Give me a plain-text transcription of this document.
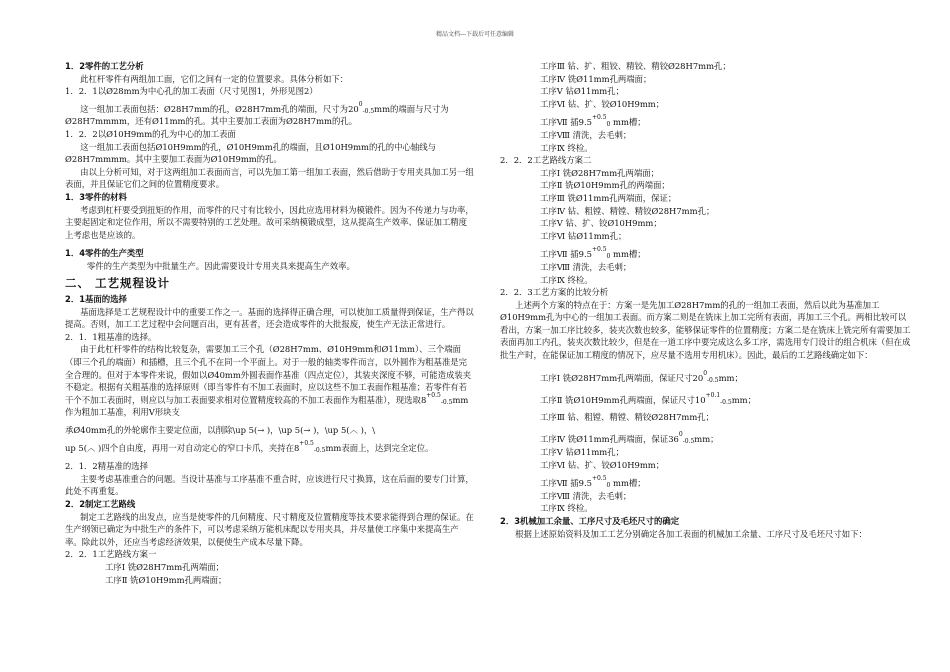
精品文档---下载后可任意编辑

1．2零件的工艺分析

此杠杆零件有两组加工面，它们之间有一定的位置要求。具体分析如下：

1．2．1以Ø28mm为中心孔的加工表面（尺寸见图1，外形见图2）

这一组加工表面包括：Ø28H7mm的孔，Ø28H7mm孔的端面，尺寸为$20^0_{-0.5}mm$的端面与尺寸为

Ø28H7mmmm，还有Ø11mm的孔。其中主要加工表面为Ø28H7mm的孔。

1．2．2以Ø10H9mm的孔为中心的加工表面

这一组加工表面包括Ø10H9mm的孔，Ø10H9mm孔的端面，且Ø10H9mm的孔的中心轴线与Ø28H7mmmm。其中主要加工表面为Ø10H9mm的孔。

由以上分析可知，对于这两组加工表面而言，可以先加工第一组加工表面，然后借助于专用夹具加工另一组表面，并且保证它们之间的位置精度要求。

1．3零件的材料

考虑到杠杆要受到扭矩的作用，而零件的尺寸有比较小，因此应选用材料为模锻件。因为不传递力与功率，主要起固定和定位作用，所以不需要特别的工艺处理。故可采纳模锻成型，这从提高生产效率、保证加工精度上考虑也是应该的。

1．4零件的生产类型

零件的生产类型为中批量生产。因此需要设计专用夹具来提高生产效率。

二、 工艺规程设计

2．1基面的选择

基面选择是工艺规程设计中的重要工作之一。基面的选择得正确合理，可以使加工质量得到保证，生产得以提高。否则，加工工艺过程中会问题百出，更有甚者，还会造成零件的大批报废，使生产无法正常进行。

2．1．1粗基准的选择。

由于此杠杆零件的结构比较复杂，需要加工三个孔（Ø28H7mm、Ø10H9mm和Ø11mm）、三个端面（即三个孔的端面）和插槽，且三个孔不在同一个平面上。对于一般的轴类零件而言，以外圆作为粗基准是完全合理的。但对于本零件来说，假如以Ø40mm外圆表面作基准（四点定位），其装夹深度不够，可能造成装夹不稳定。根据有关粗基准的选择原则（即当零件有不加工表面时，应以这些不加工表面作粗基准；若零件有若干个不加工表面时，则应以与加工表面要求相对位置精度较高的不加工表面作为粗基准），现选取$8^{+0.5}_{-0.5}mm$作为粗加工基准，利用V形块支

承Ø40mm孔的外轮廓作主要定位面，以削除\up 5(→ )，\up 5(→ )，\up 5(︿ )，\

up 5(︿ )四个自由度，再用一对自动定心的窄口卡爪，夹持在$8^{+0.5}_{-0.5}mm$表面上，达到完全定位。

2．1．2精基准的选择

主要考虑基准重合的问题。当设计基准与工序基准不重合时，应该进行尺寸换算，这在后面的要专门计算，此处不再重复。

2．2制定工艺路线

制定工艺路线的出发点，应当是使零件的几何精度、尺寸精度及位置精度等技术要求能得到合理的保证。在生产纲领已确定为中批生产的条件下，可以考虑采纳万能机床配以专用夹具，并尽量使工序集中来提高生产率。除此以外，还应当考虑经济效果，以便使生产成本尽量下降。

2．2．1工艺路线方案一

工序Ⅰ 铣Ø28H7mm孔两端面；

工序Ⅱ 铣Ø10H9mm孔两端面；

工序Ⅲ 钻、扩、粗铰、精铰、精铰Ø28H7mm孔；

工序Ⅳ 铣Ø11mm孔两端面；

工序Ⅴ 钻Ø11mm孔；

工序Ⅵ 钻、扩、铰Ø10H9mm；

工序Ⅶ 插$9.5^{+0.5}_0$ mm槽；

工序Ⅷ 清洗，去毛刺；

工序Ⅸ 终检。

2．2．2工艺路线方案二

工序Ⅰ 铣Ø28H7mm孔两端面；

工序Ⅱ 铣Ø10H9mm孔的两端面；

工序Ⅲ 铣Ø11mm孔两端面，保证；

工序Ⅳ 钻、粗镗、精镗、精铰Ø28H7mm孔；

工序Ⅴ 钻、扩、铰Ø10H9mm；

工序Ⅵ 钻Ø11mm孔；

工序Ⅶ 插$9.5^{+0.5}_0$ mm槽；

工序Ⅷ 清洗，去毛刺；

工序Ⅸ 终检。

2．2．3工艺方案的比较分析

上述两个方案的特点在于：方案一是先加工Ø28H7mm的孔的一组加工表面，然后以此为基准加工Ø10H9mm孔为中心的一组加工表面。而方案二则是在铣床上加工完所有表面，再加工三个孔。两相比较可以看出，方案一加工序比较多，装夹次数也较多，能够保证零件的位置精度；方案二是在铣床上铣完所有需要加工表面再加工内孔，装夹次数比较少，但是在一道工序中要完成这么多工序，需选用专门设计的组合机床（但在成批生产时，在能保证加工精度的情况下，应尽量不选用专用机床）。因此，最后的工艺路线确定如下：

工序Ⅰ 铣Ø28H7mm孔两端面，保证尺寸$20^0_{-0.5}mm$；

工序Ⅱ 铣Ø10H9mm孔两端面，保证尺寸$10^{+0.1}_{-0.5}mm$；

工序Ⅲ 钻、粗镗、精镗、精铰Ø28H7mm孔；

工序Ⅳ 铣Ø11mm孔两端面，保证$36^0_{-0.5}mm$；

工序Ⅴ 钻Ø11mm孔；

工序Ⅵ 钻、扩、铰Ø10H9mm；

工序Ⅶ 插$9.5^{+0.5}_0$ mm槽；

工序Ⅷ 清洗，去毛刺；

工序Ⅸ 终检。

2．3机械加工余量、工序尺寸及毛坯尺寸的确定

根据上述原始资料及加工工艺分别确定各加工表面的机械加工余量、工序尺寸及毛坯尺寸如下：
